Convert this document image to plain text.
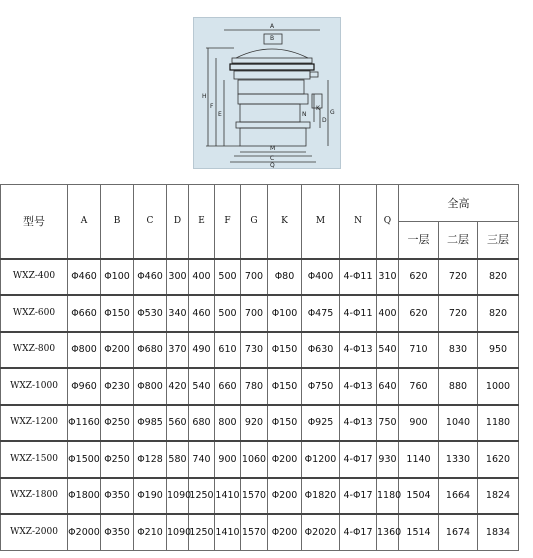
A
B
H
F
E	G
K
D
N
M
C
Q
型号	A	B	C	D	E	F	G	K	M	N	Q	全高		
												一层	二层	三层
WXZ-400	Φ460	Φ100	Φ460	300	400	500	700	Φ80	Φ400	4-Φ11	310	620	720	820
WXZ-600	Φ660	Φ150	Φ530	340	460	500	700	Φ100	Φ475	4-Φ11	400	620	720	820
WXZ-800	Φ800	Φ200	Φ680	370	490	610	730	Φ150	Φ630	4-Φ13	540	710	830	950
WXZ-1000	Φ960	Φ230	Φ800	420	540	660	780	Φ150	Φ750	4-Φ13	640	760	880	1000
WXZ-1200	Φ1160	Φ250	Φ985	560	680	800	920	Φ150	Φ925	4-Φ13	750	900	1040	1180
WXZ-1500	Φ1500	Φ250	Φ128	580	740	900	1060	Φ200	Φ1200	4-Φ17	930	1140	1330	1620
WXZ-1800	Φ1800	Φ350	Φ190	1090	1250	1410	1570	Φ200	Φ1820	4-Φ17	1180	1504	1664	1824
WXZ-2000	Φ2000	Φ350	Φ210	1090	1250	1410	1570	Φ200	Φ2020	4-Φ17	1360	1514	1674	1834
